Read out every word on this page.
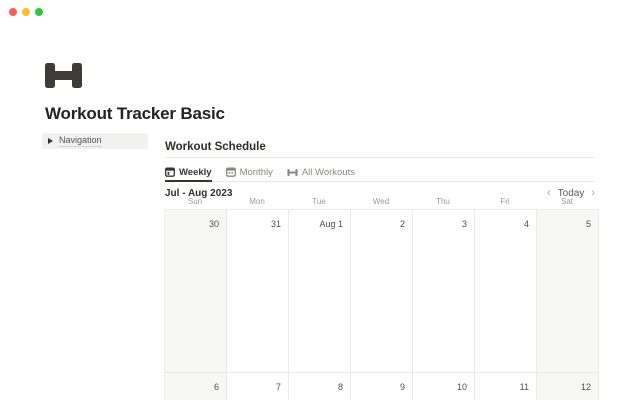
Workout Tracker Basic
Navigation
Workout Schedule
Weekly	Monthly	All Workouts
Jul - Aug 2023	‹ Today ›
Sun	Mon	Tue	Wed	Thu	Fri	Sat
30	31	Aug 1	2	3	4	5
6	7	8	9	10	11	12
